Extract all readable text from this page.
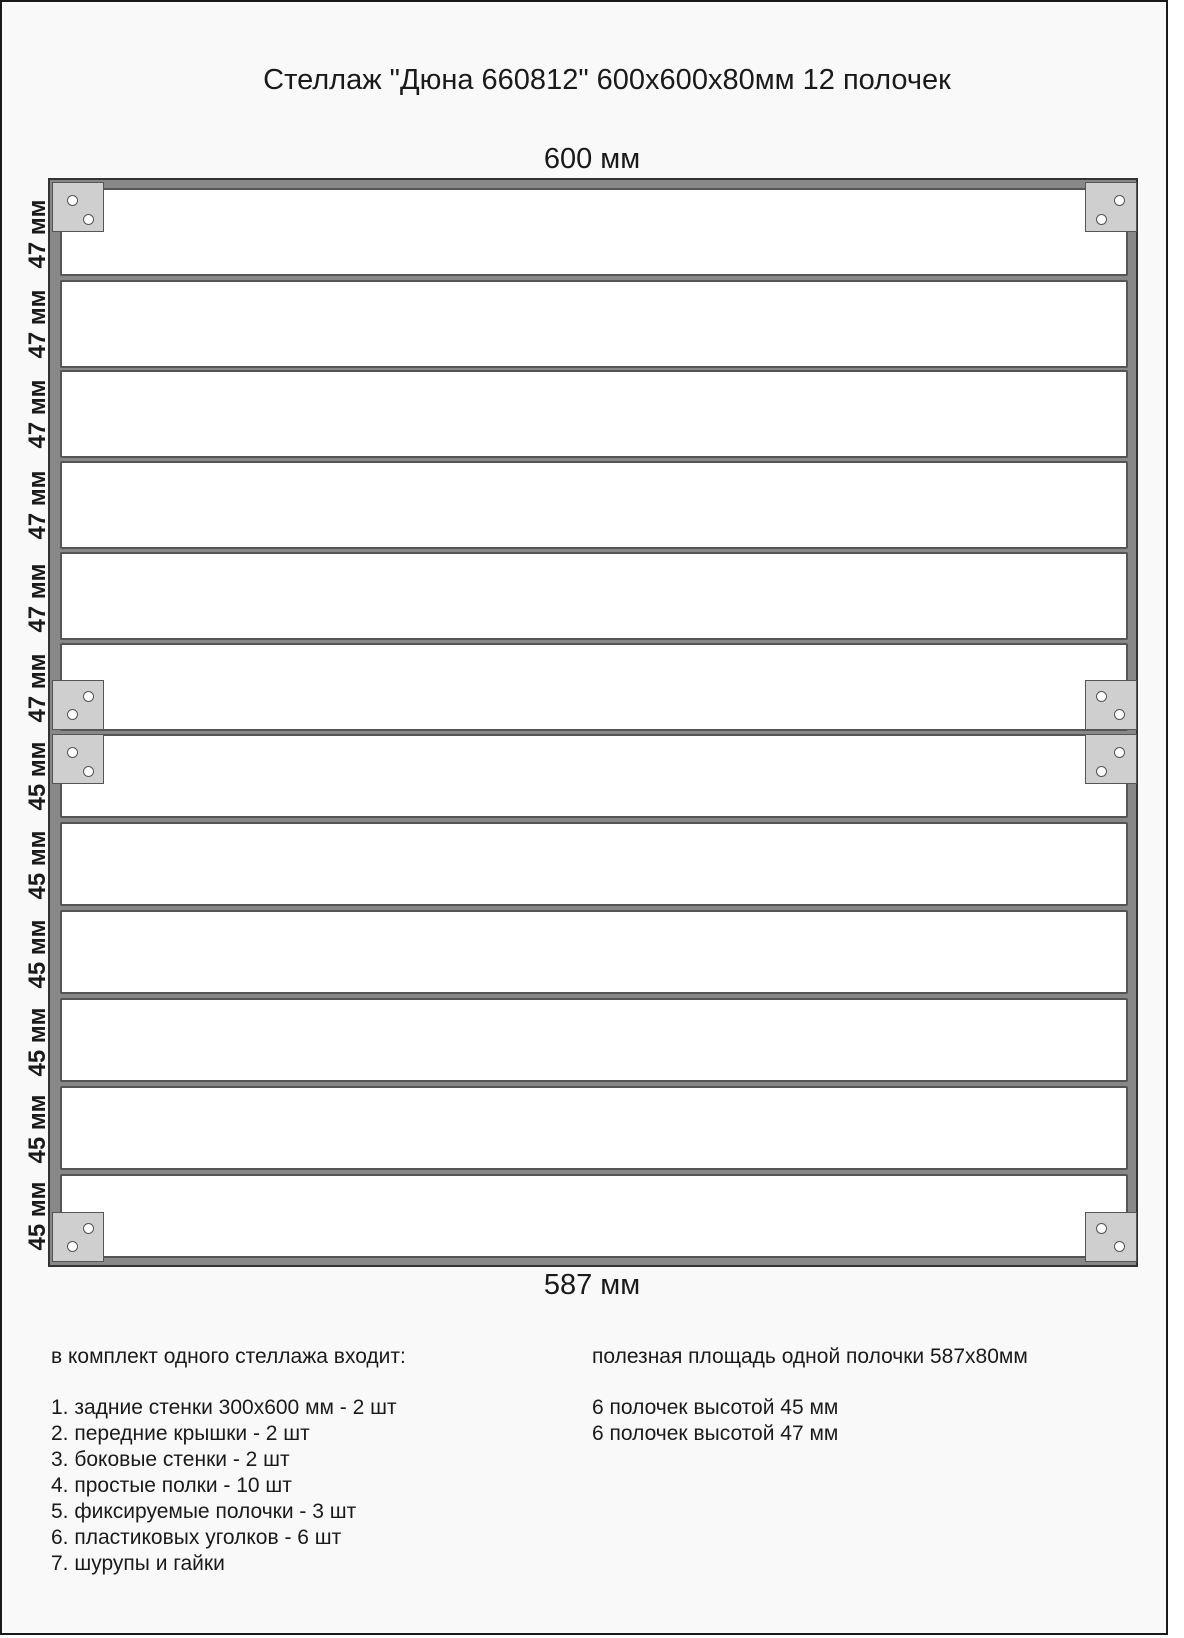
Стеллаж "Дюна 660812" 600x600x80мм 12 полочек
600 мм
587 мм
47 мм
47 мм
47 мм
47 мм
47 мм
47 мм
45 мм
45 мм
45 мм
45 мм
45 мм
45 мм

в комплект одного стеллажа входит:

1. задние стенки 300х600 мм - 2 шт

2. передние крышки - 2 шт

3. боковые стенки - 2 шт

4. простые полки - 10 шт

5. фиксируемые полочки - 3 шт

6. пластиковых уголков - 6 шт

7. шурупы и гайки

полезная площадь одной полочки 587х80мм

6 полочек высотой 45 мм

6 полочек высотой 47 мм
